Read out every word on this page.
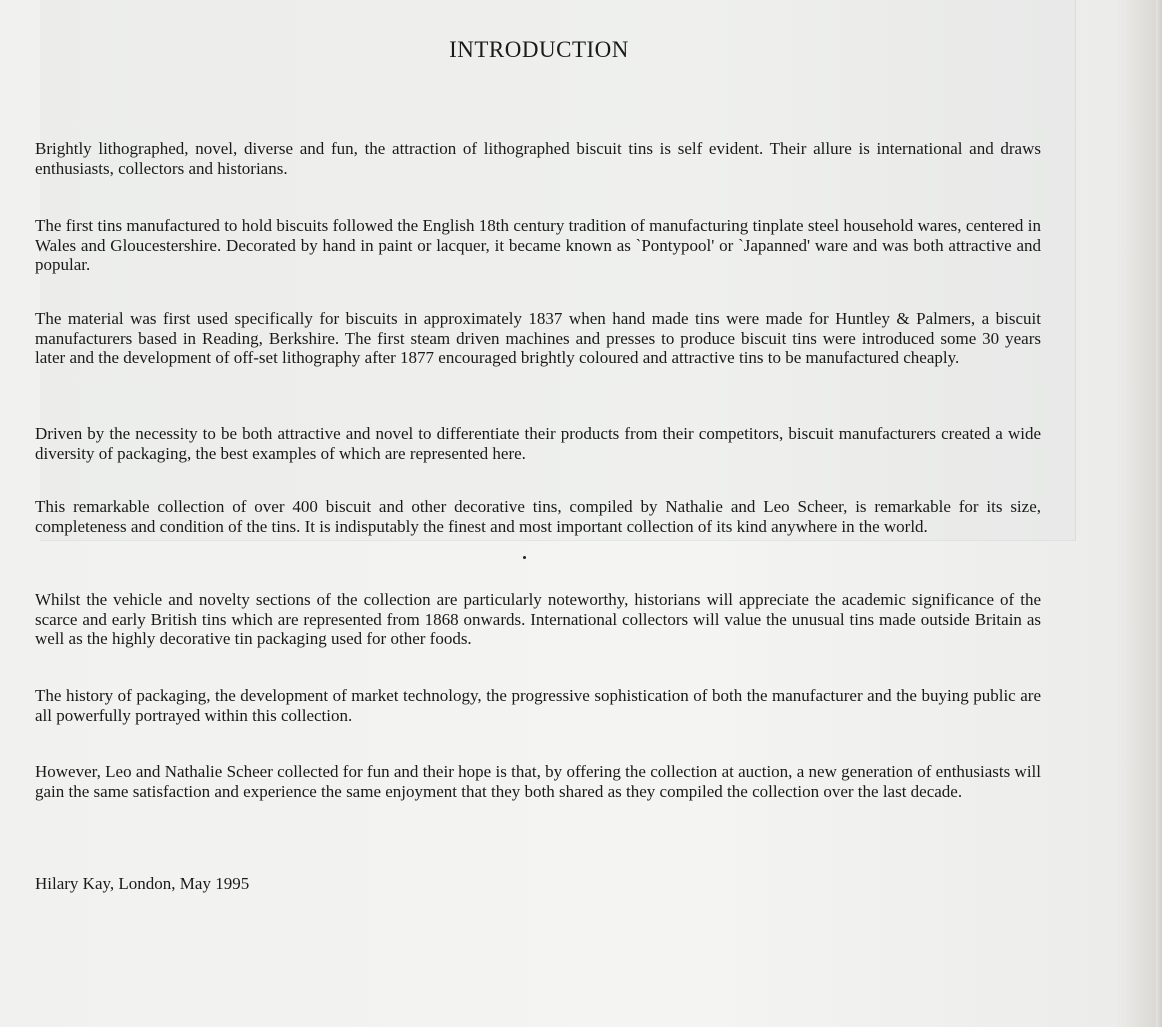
INTRODUCTION

Brightly lithographed, novel, diverse and fun, the attraction of lithographed biscuit tins is self evident. Their allure is international and draws enthusiasts, collectors and historians.

The first tins manufactured to hold biscuits followed the English 18th century tradition of manufacturing tinplate steel household wares, centered in Wales and Gloucestershire. Decorated by hand in paint or lacquer, it became known as `Pontypool' or `Japanned' ware and was both attractive and popular.

The material was first used specifically for biscuits in approximately 1837 when hand made tins were made for Huntley & Palmers, a biscuit manufacturers based in Reading, Berkshire. The first steam driven machines and presses to produce biscuit tins were introduced some 30 years later and the development of off-set lithography after 1877 encouraged brightly coloured and attractive tins to be manufactured cheaply.

Driven by the necessity to be both attractive and novel to differentiate their products from their competitors, biscuit manufacturers created a wide diversity of packaging, the best examples of which are represented here.

This remarkable collection of over 400 biscuit and other decorative tins, compiled by Nathalie and Leo Scheer, is remarkable for its size, completeness and condition of the tins. It is indisputably the finest and most important collection of its kind anywhere in the world.

Whilst the vehicle and novelty sections of the collection are particularly noteworthy, historians will appreciate the academic significance of the scarce and early British tins which are represented from 1868 onwards. International collectors will value the unusual tins made outside Britain as well as the highly decorative tin packaging used for other foods.

The history of packaging, the development of market technology, the progressive sophistication of both the manufacturer and the buying public are all powerfully portrayed within this collection.

However, Leo and Nathalie Scheer collected for fun and their hope is that, by offering the collection at auction, a new generation of enthusiasts will gain the same satisfaction and experience the same enjoyment that they both shared as they compiled the collection over the last decade.

Hilary Kay, London, May 1995
